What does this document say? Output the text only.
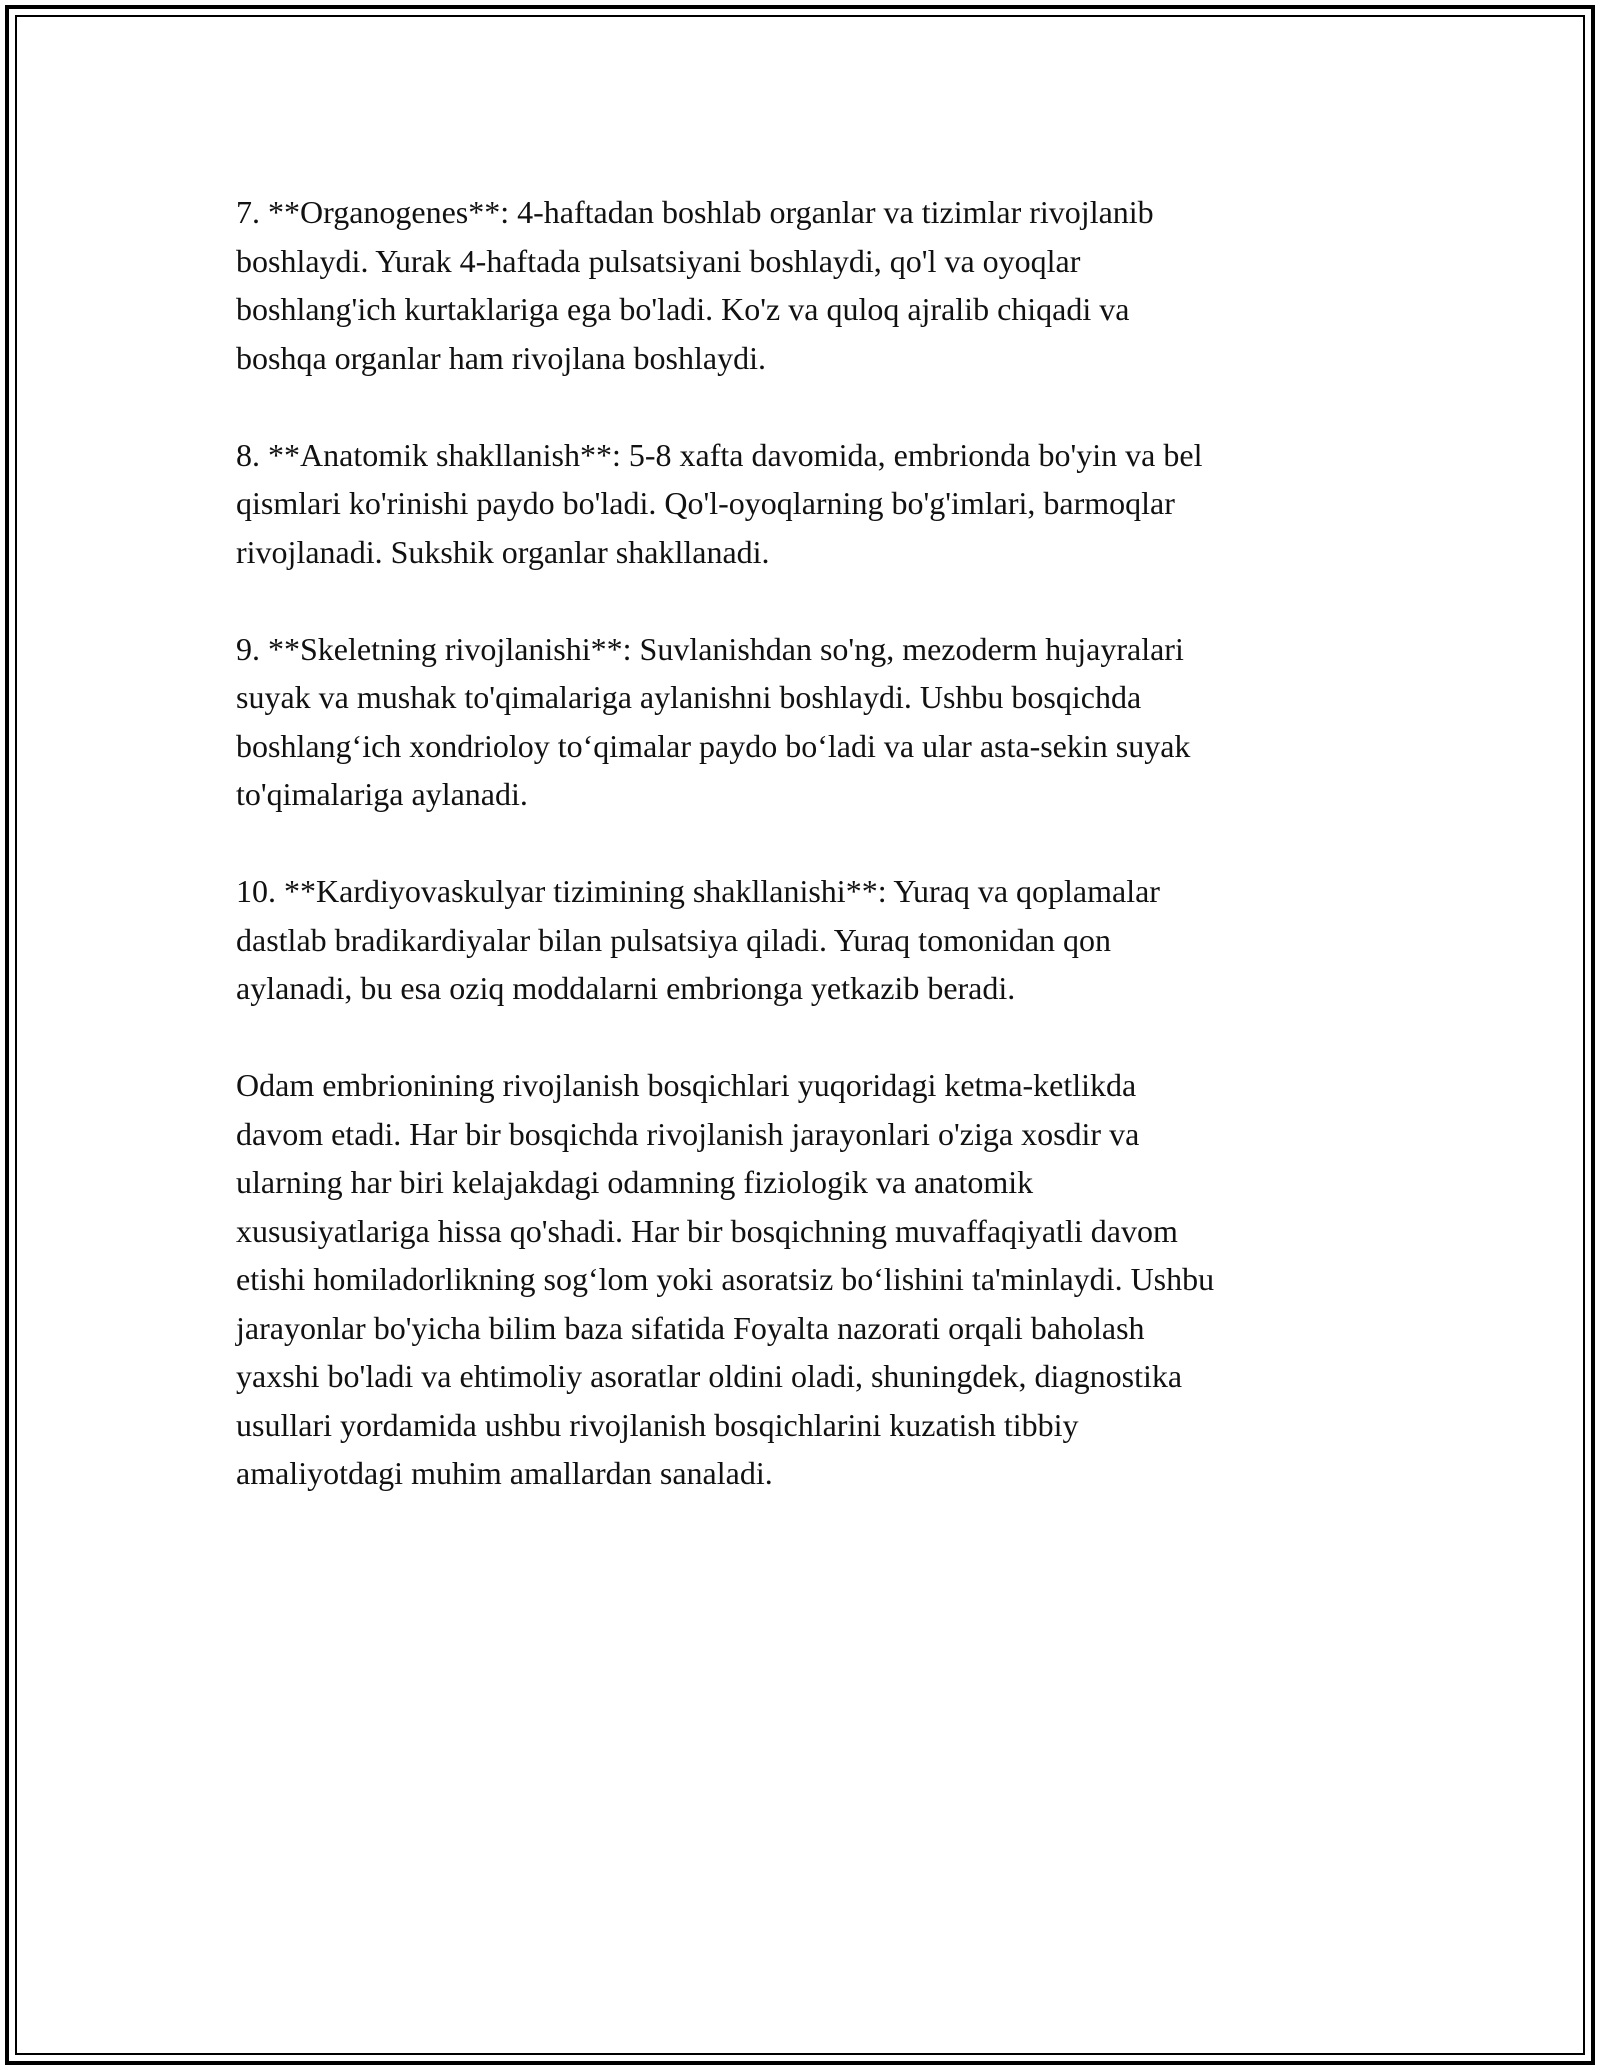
7. **Organogenes**: 4-haftadan boshlab organlar va tizimlar rivojlanib
boshlaydi. Yurak 4-haftada pulsatsiyani boshlaydi, qo'l va oyoqlar
boshlang'ich kurtaklariga ega bo'ladi. Ko'z va quloq ajralib chiqadi va
boshqa organlar ham rivojlana boshlaydi.

8. **Anatomik shakllanish**: 5-8 xafta davomida, embrionda bo'yin va bel
qismlari ko'rinishi paydo bo'ladi. Qo'l-oyoqlarning bo'g'imlari, barmoqlar
rivojlanadi. Sukshik organlar shakllanadi.

9. **Skeletning rivojlanishi**: Suvlanishdan so'ng, mezoderm hujayralari
suyak va mushak to'qimalariga aylanishni boshlaydi. Ushbu bosqichda
boshlang‘ich xondrioloy to‘qimalar paydo bo‘ladi va ular asta-sekin suyak
to'qimalariga aylanadi.

10. **Kardiyovaskulyar tizimining shakllanishi**: Yuraq va qoplamalar
dastlab bradikardiyalar bilan pulsatsiya qiladi. Yuraq tomonidan qon
aylanadi, bu esa oziq moddalarni embrionga yetkazib beradi.

Odam embrionining rivojlanish bosqichlari yuqoridagi ketma-ketlikda
davom etadi. Har bir bosqichda rivojlanish jarayonlari o'ziga xosdir va
ularning har biri kelajakdagi odamning fiziologik va anatomik
xususiyatlariga hissa qo'shadi. Har bir bosqichning muvaffaqiyatli davom
etishi homiladorlikning sog‘lom yoki asoratsiz bo‘lishini ta'minlaydi. Ushbu
jarayonlar bo'yicha bilim baza sifatida Foyalta nazorati orqali baholash
yaxshi bo'ladi va ehtimoliy asoratlar oldini oladi, shuningdek, diagnostika
usullari yordamida ushbu rivojlanish bosqichlarini kuzatish tibbiy
amaliyotdagi muhim amallardan sanaladi.
